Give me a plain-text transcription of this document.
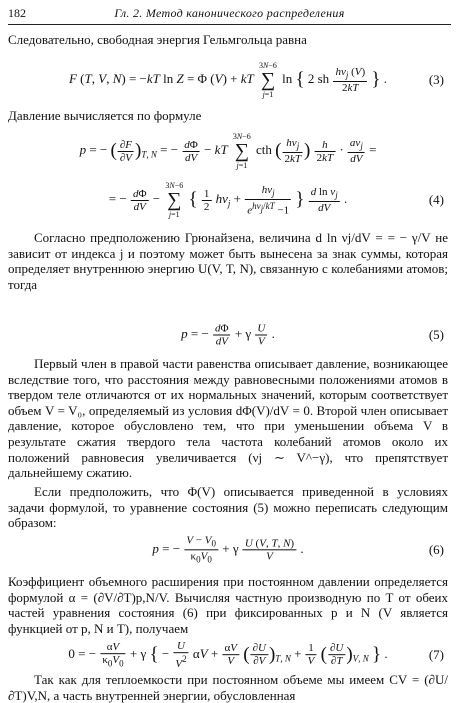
182	Гл. 2. Метод канонического распределения

Следовательно, свободная энергия Гельмгольца равна

F (T, V, N) = −kT ln Z = Φ (V) + kT 3N−6
∑
j=1 ln { 2 sh $\frac{h\nu_j (V)}{2kT}$ } .	(3)

Давление вычисляется по формуле

p = − ( $\frac{\partial F}{\partial V} )_{T, N}$ = − $\frac{d\Phi}{dV}$ − kT 3N−6
∑
j=1 cth ( $\frac{h\nu_j}{2kT}$ ) $\frac{h}{2kT} \cdot \frac{a\nu_j}{dV}$ =
= − $\frac{d\Phi}{dV} - 3N-6$
∑
j=1 { $\frac{1}{2} h\nu_j + \frac{h\nu_j}{e^{h\nu_j/kT} -1}$ } $\frac{d \ln \nu_j}{dV}$ .	(4)

Согласно предположению Грюнайзена, величина d ln νj/dV = = − γ/V не зависит от индекса j и поэтому может быть вынесена за знак суммы, которая определяет внутреннюю энергию U(V, T, N), связанную с колебаниями атомов; тогда

p = − $\frac{d\Phi}{dV} + \gamma \frac{U}{V}$ .	(5)

Первый член в правой части равенства описывает давление, возникающее вследствие того, что расстояния между равновесными положениями атомов в твердом теле отличаются от их нормальных значений, которым соответствует объем V = V₀, определяемый из условия dΦ(V)/dV = 0. Второй член описывает давление, которое обусловлено тем, что при уменьшении объема V в результате сжатия твердого тела частота колебаний атомов около их положений равновесия увеличивается (νj ∼ V^−γ), что препятствует дальнейшему сжатию.

Если предположить, что Φ(V) описывается приведенной в условиях задачи формулой, то уравнение состояния (5) можно переписать следующим образом:

p = − $\frac{V - V_0}{\kappa_0V_0} + \gamma \frac{U (V, T, N)}{V}$ .	(6)

Коэффициент объемного расширения при постоянном давлении определяется формулой α = (∂V/∂T)p,N/V. Вычисляя частную производную по T от обеих частей уравнения состояния (6) при фиксированных p и N (V является функцией от p, N и T), получаем

0 = − $\frac{\alpha V}{\kappa_0V_0} + \gamma$ { − $\frac{U}{V^2}$ $\alpha V + \frac{\alpha V}{V}$ ( $\frac{\partial U}{\partial V} )_{T, N} + \frac{1}{V}$ ( $\frac{\partial U}{\partial T} )_{V, N}$ } .	(7)

Так как для теплоемкости при постоянном объеме мы имеем CV = (∂U/∂T)V,N, а часть внутренней энергии, обусловленная
